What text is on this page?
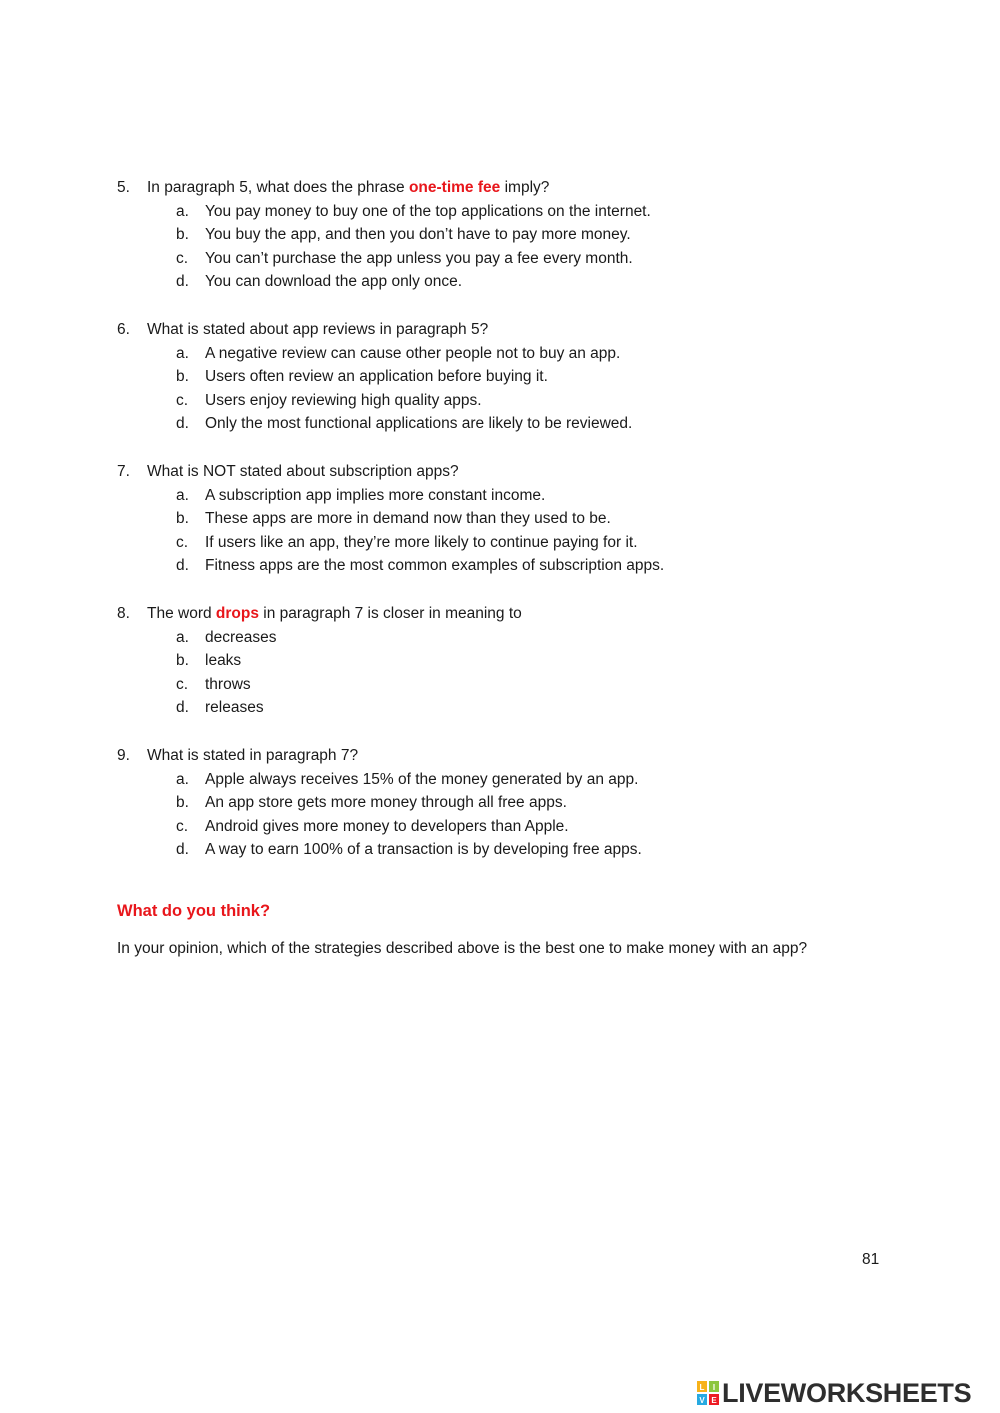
5.	In paragraph 5, what does the phrase one-time fee imply?
a.	You pay money to buy one of the top applications on the internet.
b.	You buy the app, and then you don’t have to pay more money.
c.	You can’t purchase the app unless you pay a fee every month.
d.	You can download the app only once.
6.	What is stated about app reviews in paragraph 5?
a.	A negative review can cause other people not to buy an app.
b.	Users often review an application before buying it.
c.	Users enjoy reviewing high quality apps.
d.	Only the most functional applications are likely to be reviewed.
7.	What is NOT stated about subscription apps?
a.	A subscription app implies more constant income.
b.	These apps are more in demand now than they used to be.
c.	If users like an app, they’re more likely to continue paying for it.
d.	Fitness apps are the most common examples of subscription apps.
8.	The word drops in paragraph 7 is closer in meaning to
a.	decreases
b.	leaks
c.	throws
d.	releases
9.	What is stated in paragraph 7?
a.	Apple always receives 15% of the money generated by an app.
b.	An app store gets more money through all free apps.
c.	Android gives more money to developers than Apple.
d.	A way to earn 100% of a transaction is by developing free apps.
What do you think?
In your opinion, which of the strategies described above is the best one to make money with an app?
81
L I
V E LIVEWORKSHEETS
